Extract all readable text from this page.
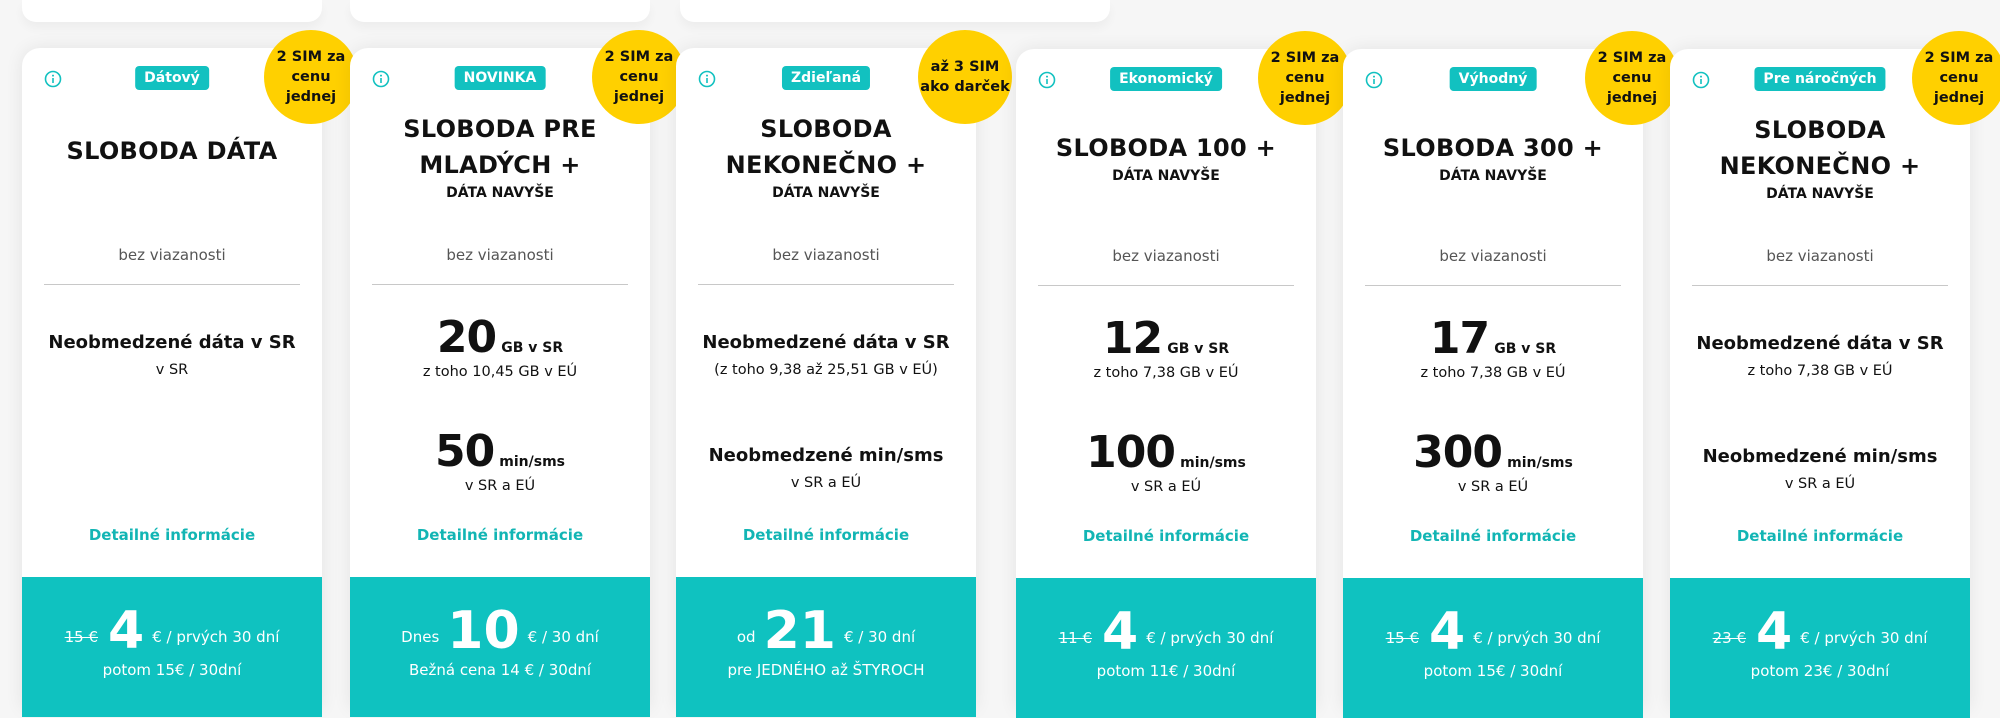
Dátový
2 SIM za
cenu jednej
SLOBODA DÁTA
bez viazanosti
Neobmedzené dáta v SR
v SR
Detailné informácie
15 € 4 € / prvých 30 dní
potom 15€ / 30dní
NOVINKA
2 SIM za
cenu jednej
SLOBODA PRE MLADÝCH +
DÁTA NAVYŠE
bez viazanosti
20 GB v SR
z toho 10,45 GB v EÚ
50 min/sms
v SR a EÚ
Detailné informácie
Dnes 10 € / 30 dní
Bežná cena 14 € / 30dní
Zdieľaná
až 3 SIM
ako darček
SLOBODA NEKONEČNO +
DÁTA NAVYŠE
bez viazanosti
Neobmedzené dáta v SR
(z toho 9,38 až 25,51 GB v EÚ)
Neobmedzené min/sms
v SR a EÚ
Detailné informácie
od 21 € / 30 dní
pre JEDNÉHO až ŠTYROCH
Ekonomický
2 SIM za
cenu jednej
SLOBODA 100 +
DÁTA NAVYŠE
bez viazanosti
12 GB v SR
z toho 7,38 GB v EÚ
100 min/sms
v SR a EÚ
Detailné informácie
11 € 4 € / prvých 30 dní
potom 11€ / 30dní
Výhodný
2 SIM za
cenu jednej
SLOBODA 300 +
DÁTA NAVYŠE
bez viazanosti
17 GB v SR
z toho 7,38 GB v EÚ
300 min/sms
v SR a EÚ
Detailné informácie
15 € 4 € / prvých 30 dní
potom 15€ / 30dní
Pre náročných
2 SIM za
cenu jednej
SLOBODA NEKONEČNO +
DÁTA NAVYŠE
bez viazanosti
Neobmedzené dáta v SR
z toho 7,38 GB v EÚ
Neobmedzené min/sms
v SR a EÚ
Detailné informácie
23 € 4 € / prvých 30 dní
potom 23€ / 30dní
